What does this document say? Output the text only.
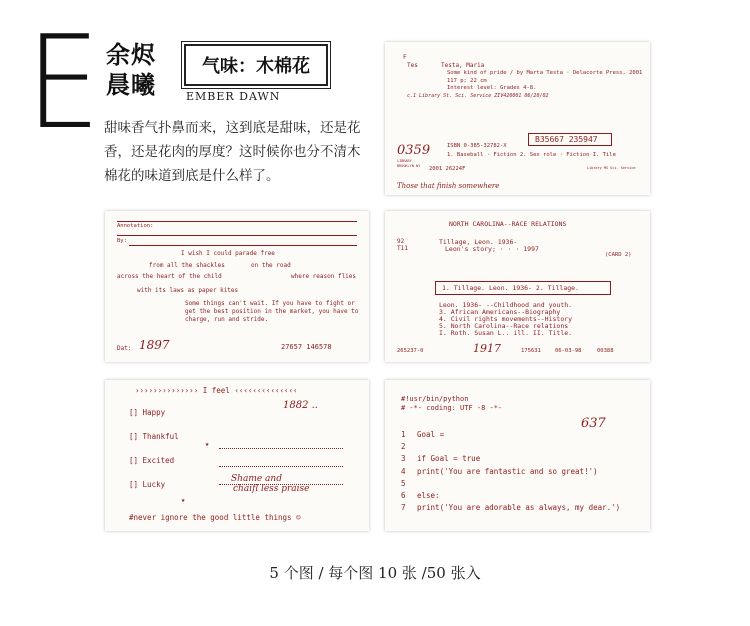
E 余烬
晨曦
气味：木棉花
EMBER DAWN
甜味香气扑鼻而来，这到底是甜味，还是花香，还是花肉的厚度？这时候你也分不清木棉花的味道到底是什么样了。
F
Tes	Testa, Maria
Some kind of pride / by Marta Testa · Delacorte Press, 2001
117 p; 22 cm
Interest level: Grades 4-8.
c.1 Library St. Sci. Service ZIV420001 06/20/02
0359	ISBN 0-385-32782-X
1. Baseball · Fiction 2. Sex role · Fiction I. Tile
B35667 235947
LIBRARY
BROOKLYN NY 2001 26224F	Library MS Sci. Service
Those that finish somewhere
Annotation:
By:
I wish I could parade free
from all the shackles	on the road
across the heart of the child	where reason flies
with its laws as paper kites
Some things can't wait. If you have to fight or
get the best position in the market, you have to
charge, run and stride.
Dat: 1897	27657 146578
NORTH CAROLINA--RACE RELATIONS
92
T11
Tillage, Leon. 1936-
Leon's story; · · · 1997
(CARD 2)
1. Tillage. Leon. 1936- 2. Tillage.
Leon. 1936- --Childhood and youth.
3. African Americans--Biography
4. Civil rights movements--History
5. North Carolina--Race relations
I. Roth. Susan L.. ill. II. Title.
265237-0	1917	175631	06-03-98	00388
›››››››››››››› I feel ‹‹‹‹‹‹‹‹‹‹‹‹‹‹
1882 ..
[] Happy
[] Thankful
★
[] Excited
[] Lucky
Shame and
chaifl less praise
★
#never ignore the good little things ☺
#!usr/bin/python
# -*- coding: UTF -8 -*-
637
1 Goal =
2
3 if Goal = true
4 print('You are fantastic and so great!')
5
6 else:
7 print('You are adorable as always, my dear.')
5 个图 / 每个图 10 张 /50 张入
